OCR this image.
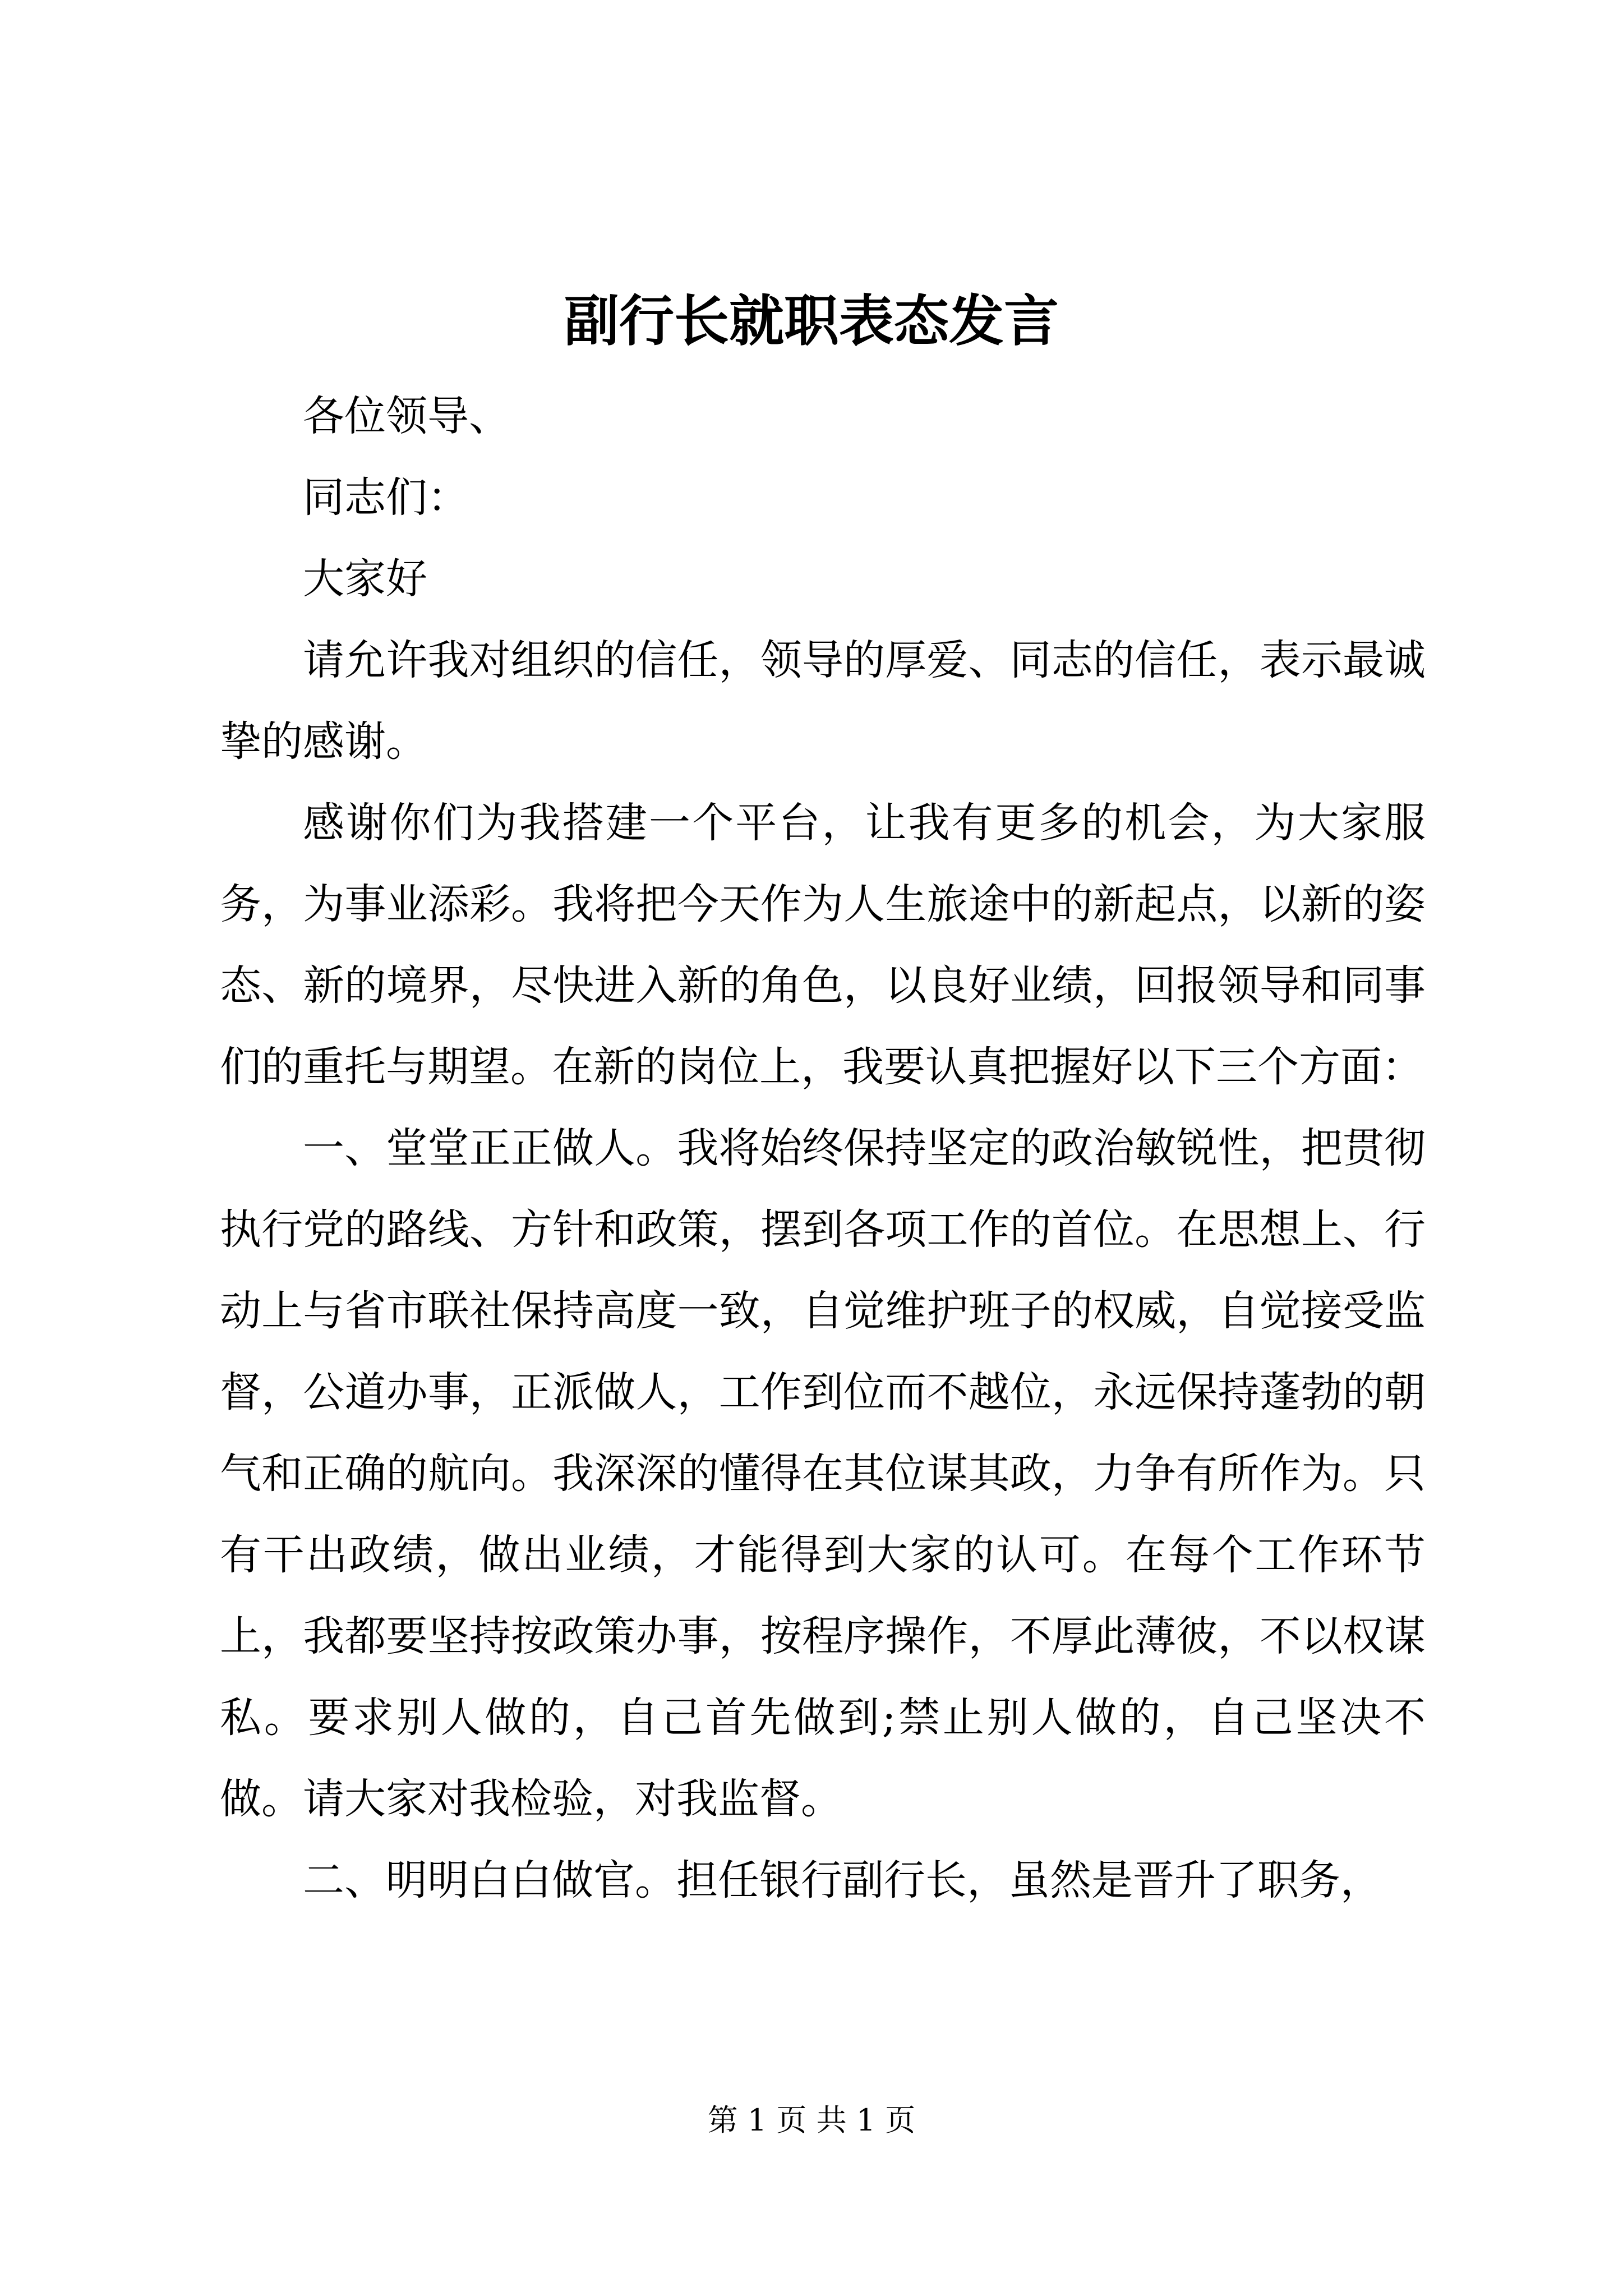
副行长就职表态发言

各位领导、

同志们：

大家好

请允许我对组织的信任，领导的厚爱、同志的信任，表示最诚挚的感谢。

感谢你们为我搭建一个平台，让我有更多的机会，为大家服务，为事业添彩。我将把今天作为人生旅途中的新起点，以新的姿态、新的境界，尽快进入新的角色，以良好业绩，回报领导和同事们的重托与期望。在新的岗位上，我要认真把握好以下三个方面：

一、堂堂正正做人。我将始终保持坚定的政治敏锐性，把贯彻执行党的路线、方针和政策，摆到各项工作的首位。在思想上、行动上与省市联社保持高度一致，自觉维护班子的权威，自觉接受监督，公道办事，正派做人，工作到位而不越位，永远保持蓬勃的朝气和正确的航向。我深深的懂得在其位谋其政，力争有所作为。只有干出政绩，做出业绩，才能得到大家的认可。在每个工作环节上，我都要坚持按政策办事，按程序操作，不厚此薄彼，不以权谋私。要求别人做的，自己首先做到;禁止别人做的，自己坚决不做。请大家对我检验，对我监督。

二、明明白白做官。担任银行副行长，虽然是晋升了职务，

第 1 页 共 1 页
